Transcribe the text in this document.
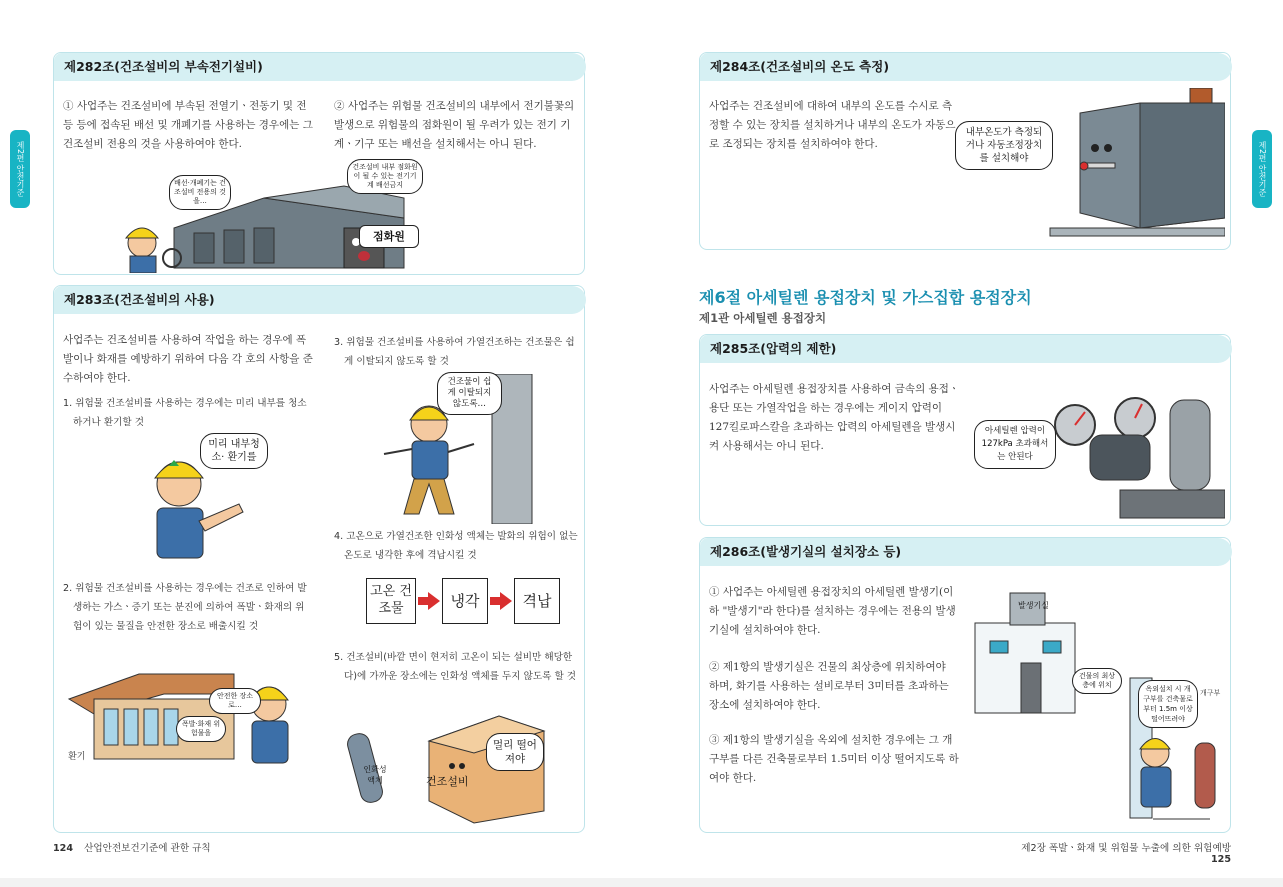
제2편 안전기준
제282조(건조설비의 부속전기설비)
① 사업주는 건조설비에 부속된 전열기ㆍ전동기 및 전등 등에 접속된 배선 및 개폐기를 사용하는 경우에는 그 건조설비 전용의 것을 사용하여야 한다.
② 사업주는 위험물 건조설비의 내부에서 전기불꽃의 발생으로 위험물의 점화원이 될 우려가 있는 전기 기계ㆍ기구 또는 배선을 설치해서는 아니 된다.
배선·개폐기는 건조설비 전용의 것을…
건조설비 내부 점화원이 될 수 있는 전기기계 배선금지
점화원
제283조(건조설비의 사용)
사업주는 건조설비를 사용하여 작업을 하는 경우에 폭발이나 화재를 예방하기 위하여 다음 각 호의 사항을 준수하여야 한다.
1. 위험물 건조설비를 사용하는 경우에는 미리 내부를 청소하거나 환기할 것
미리 내부청소· 환기를
2. 위험물 건조설비를 사용하는 경우에는 건조로 인하여 발생하는 가스ㆍ증기 또는 분진에 의하여 폭발ㆍ화재의 위험이 있는 물질을 안전한 장소로 배출시킬 것
안전한 장소로…
폭발·화재 위험물을
환기
3. 위험물 건조설비를 사용하여 가열건조하는 건조물은 쉽게 이탈되지 않도록 할 것
건조물이 쉽게 이탈되지 않도록…
4. 고온으로 가열건조한 인화성 액체는 발화의 위험이 없는 온도로 냉각한 후에 격납시킬 것
고온 건조물	냉각	격납
5. 건조설비(바깥 면이 현저히 고온이 되는 설비만 해당한다)에 가까운 장소에는 인화성 액체를 두지 않도록 할 것
멀리 떨어져야
인화성 액체	건조설비
124 산업안전보건기준에 관한 규칙
제2편 안전기준
제284조(건조설비의 온도 측정)
사업주는 건조설비에 대하여 내부의 온도를 수시로 측정할 수 있는 장치를 설치하거나 내부의 온도가 자동으로 조정되는 장치를 설치하여야 한다.
내부온도가 측정되거나 자동조정장치를 설치해야
제6절 아세틸렌 용접장치 및 가스집합 용접장치
제1관 아세틸렌 용접장치
제285조(압력의 제한)
사업주는 아세틸렌 용접장치를 사용하여 금속의 용접ㆍ용단 또는 가열작업을 하는 경우에는 게이지 압력이 127킬로파스칼을 초과하는 압력의 아세틸렌을 발생시켜 사용해서는 아니 된다.
아세틸렌 압력이 127kPa 초과해서는 안된다
제286조(발생기실의 설치장소 등)
① 사업주는 아세틸렌 용접장치의 아세틸렌 발생기(이하 "발생기"라 한다)를 설치하는 경우에는 전용의 발생기실에 설치하여야 한다.
② 제1항의 발생기실은 건물의 최상층에 위치하여야 하며, 화기를 사용하는 설비로부터 3미터를 초과하는 장소에 설치하여야 한다.
③ 제1항의 발생기실을 옥외에 설치한 경우에는 그 개구부를 다른 건축물로부터 1.5미터 이상 떨어지도록 하여야 한다.
발생기실
건물의 최상층에 위치	옥외설치 시 개구부를 건축물로부터 1.5m 이상 떨어뜨려야
개구부
제2장 폭발ㆍ화재 및 위험물 누출에 의한 위험예방 125
